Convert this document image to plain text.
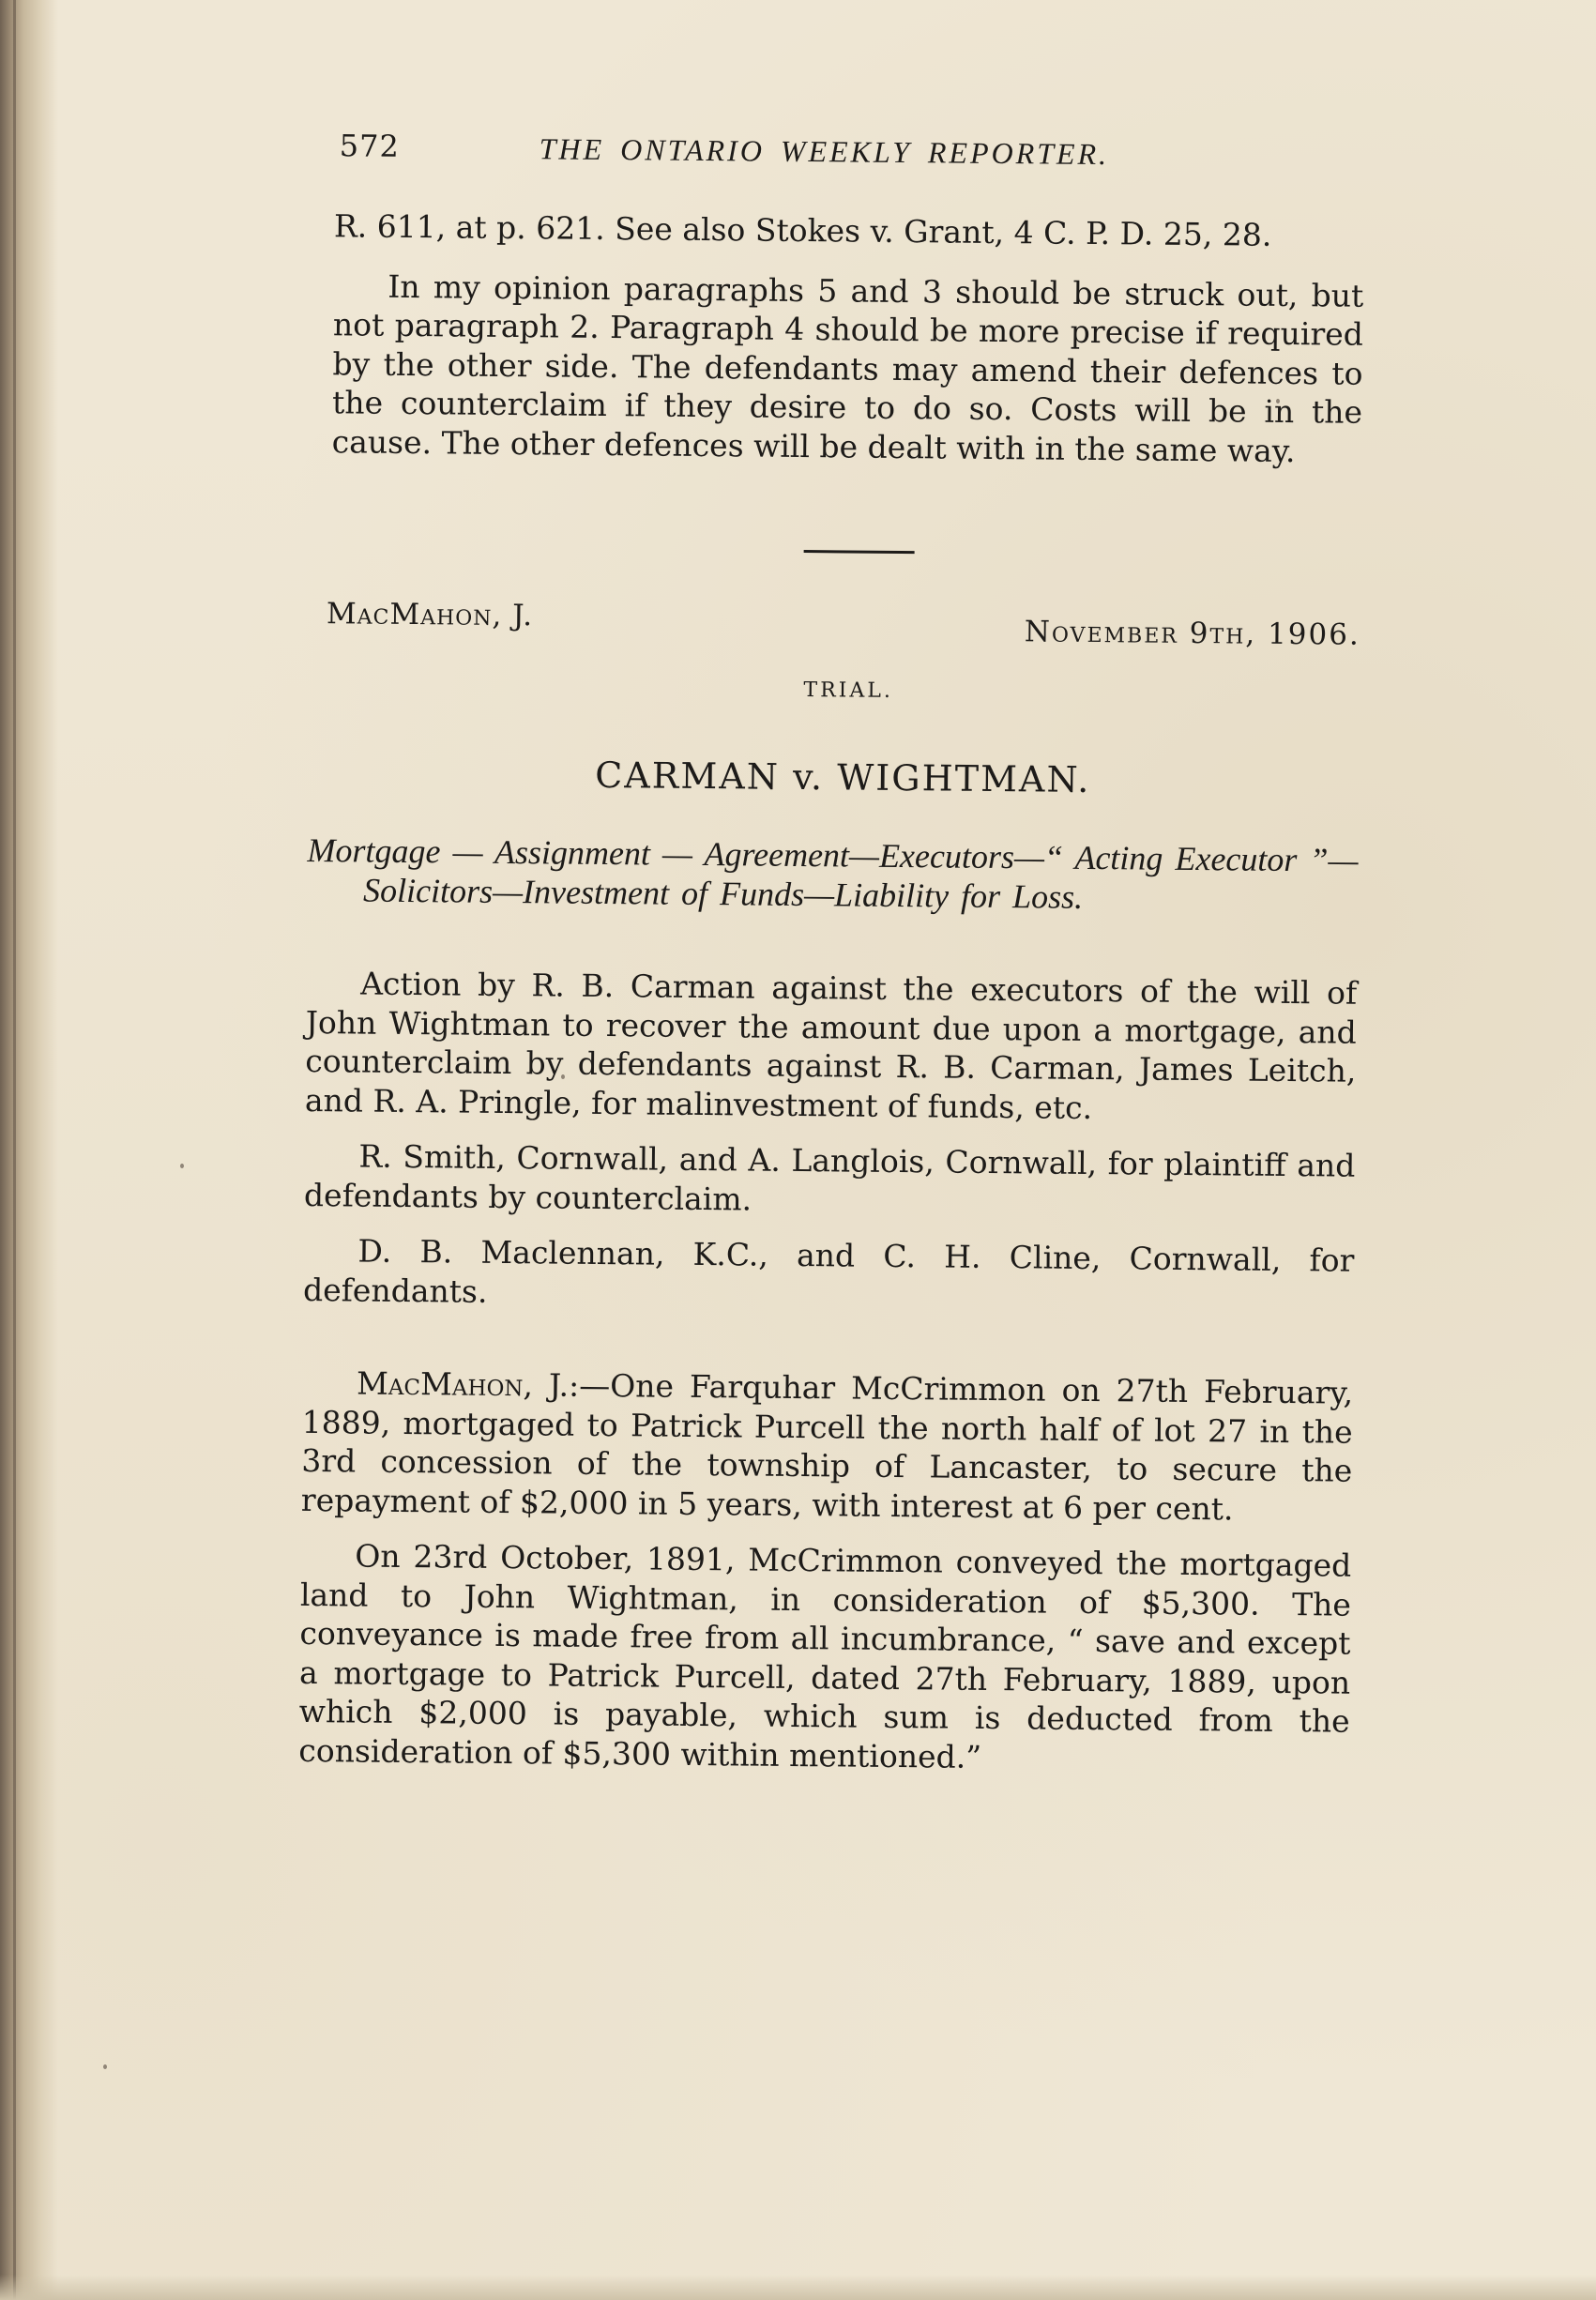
572	THE ONTARIO WEEKLY REPORTER.

R. 611, at p. 621. See also Stokes v. Grant, 4 C. P. D. 25, 28.

In my opinion paragraphs 5 and 3 should be struck out, but not paragraph 2. Paragraph 4 should be more precise if required by the other side. The defendants may amend their defences to the counterclaim if they desire to do so. Costs will be in the cause. The other defences will be dealt with in the same way.

MacMahon, J.
November 9th, 1906.
TRIAL.
CARMAN v. WIGHTMAN.

Mortgage — Assignment — Agreement—Executors—“ Acting Executor ”—Solicitors—Investment of Funds—Liability for Loss.

Action by R. B. Carman against the executors of the will of John Wightman to recover the amount due upon a mortgage, and counterclaim by defendants against R. B. Carman, James Leitch, and R. A. Pringle, for malinvestment of funds, etc.

R. Smith, Cornwall, and A. Langlois, Cornwall, for plaintiff and defendants by counterclaim.

D. B. Maclennan, K.C., and C. H. Cline, Cornwall, for defendants.

MacMahon, J.:—One Farquhar McCrimmon on 27th February, 1889, mortgaged to Patrick Purcell the north half of lot 27 in the 3rd concession of the township of Lancaster, to secure the repayment of $2,000 in 5 years, with interest at 6 per cent.

On 23rd October, 1891, McCrimmon conveyed the mortgaged land to John Wightman, in consideration of $5,300. The conveyance is made free from all incumbrance, “ save and except a mortgage to Patrick Purcell, dated 27th February, 1889, upon which $2,000 is payable, which sum is deducted from the consideration of $5,300 within mentioned.”
